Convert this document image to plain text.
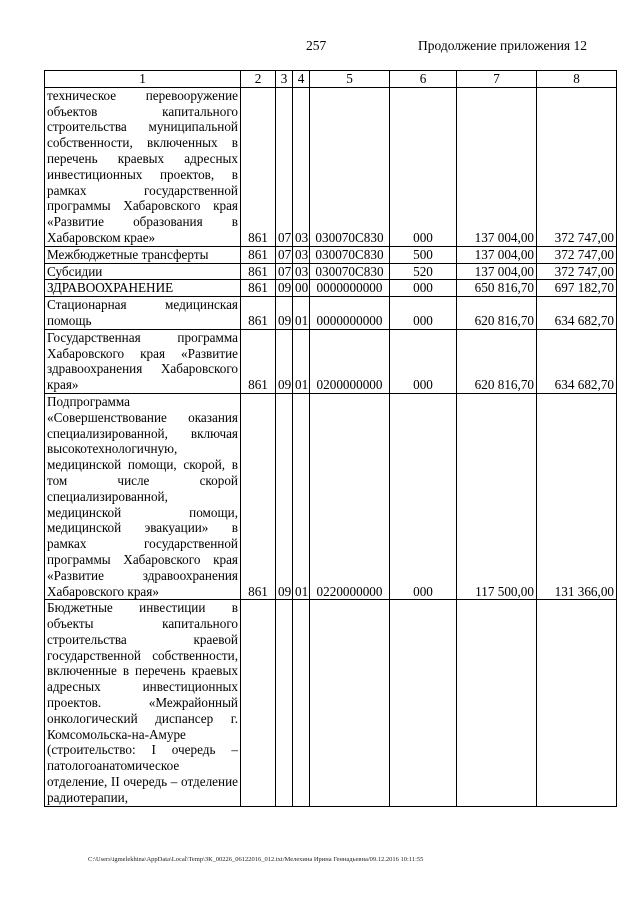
257	Продолжение приложения 12
1	2	3	4	5	6	7	8
техническое перевооружение объектов капитального строительства муниципальной собственности, включенных в перечень краевых адресных инвестиционных проектов, в рамках государственной программы Хабаровского края «Развитие образования в Хабаровском крае»	861	07	03	030070С830	000	137 004,00	372 747,00
Межбюджетные трансферты	861	07	03	030070С830	500	137 004,00	372 747,00
Субсидии	861	07	03	030070С830	520	137 004,00	372 747,00
ЗДРАВООХРАНЕНИЕ	861	09	00	0000000000	000	650 816,70	697 182,70
Стационарная медицинская помощь	861	09	01	0000000000	000	620 816,70	634 682,70
Государственная программа Хабаровского края «Развитие здравоохранения Хабаровского края»	861	09	01	0200000000	000	620 816,70	634 682,70
Подпрограмма «Совершенствование оказания специализированной, включая высокотехнологичную, медицинской помощи, скорой, в том числе скорой специализированной, медицинской помощи, медицинской эвакуации» в рамках государственной программы Хабаровского края «Развитие здравоохранения Хабаровского края»	861	09	01	0220000000	000	117 500,00	131 366,00
Бюджетные инвестиции в объекты капитального строительства краевой государственной собственности, включенные в перечень краевых адресных инвестиционных проектов. «Межрайонный онкологический диспансер г. Комсомольска-на-Амуре (строительство: I очередь – патологоанатомическое отделение, II очередь – отделение радиотерапии,							
C:\Users\igmelekhina\AppData\Local\Temp\ЗК_00226_06122016_012.txt/Мелехина Ирина Геннадьевна/09.12.2016 10:11:55
